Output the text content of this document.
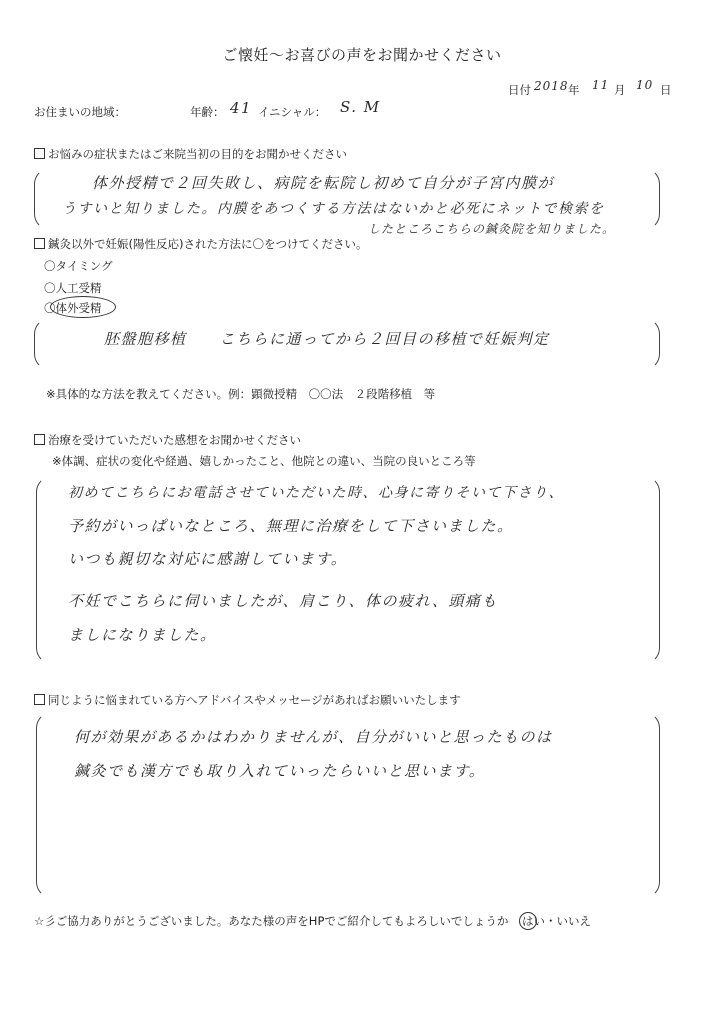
ご懐妊～お喜びの声をお聞かせください
日付 2018 年 11 月 10 日
お住まいの地域：	年齢： 41 イニシャル： S. M
お悩みの症状またはご来院当初の目的をお聞かせください
体外授精で２回失敗し、病院を転院し初めて自分が子宮内膜が
うすいと知りました。内膜をあつくする方法はないかと必死にネットで検索を
したところこちらの鍼灸院を知りました。
鍼灸以外で妊娠(陽性反応)された方法に〇をつけてください。
〇タイミング
〇人工受精
〇体外受精
胚盤胞移植　　こちらに通ってから２回目の移植で妊娠判定
※具体的な方法を教えてください。例：顕微授精　〇〇法　２段階移植　等
治療を受けていただいた感想をお聞かせください
※体調、症状の変化や経過、嬉しかったこと、他院との違い、当院の良いところ等
初めてこちらにお電話させていただいた時、心身に寄りそいて下さり、
予約がいっぱいなところ、無理に治療をして下さいました。
いつも親切な対応に感謝しています。
不妊でこちらに伺いましたが、肩こり、体の疲れ、頭痛も
ましになりました。
同じように悩まれている方へアドバイスやメッセージがあればお願いいたします
何が効果があるかはわかりませんが、自分がいいと思ったものは
鍼灸でも漢方でも取り入れていったらいいと思います。
☆彡ご協力ありがとうございました。あなた様の声をHPでご紹介してもよろしいでしょうか はい
・いいえ
